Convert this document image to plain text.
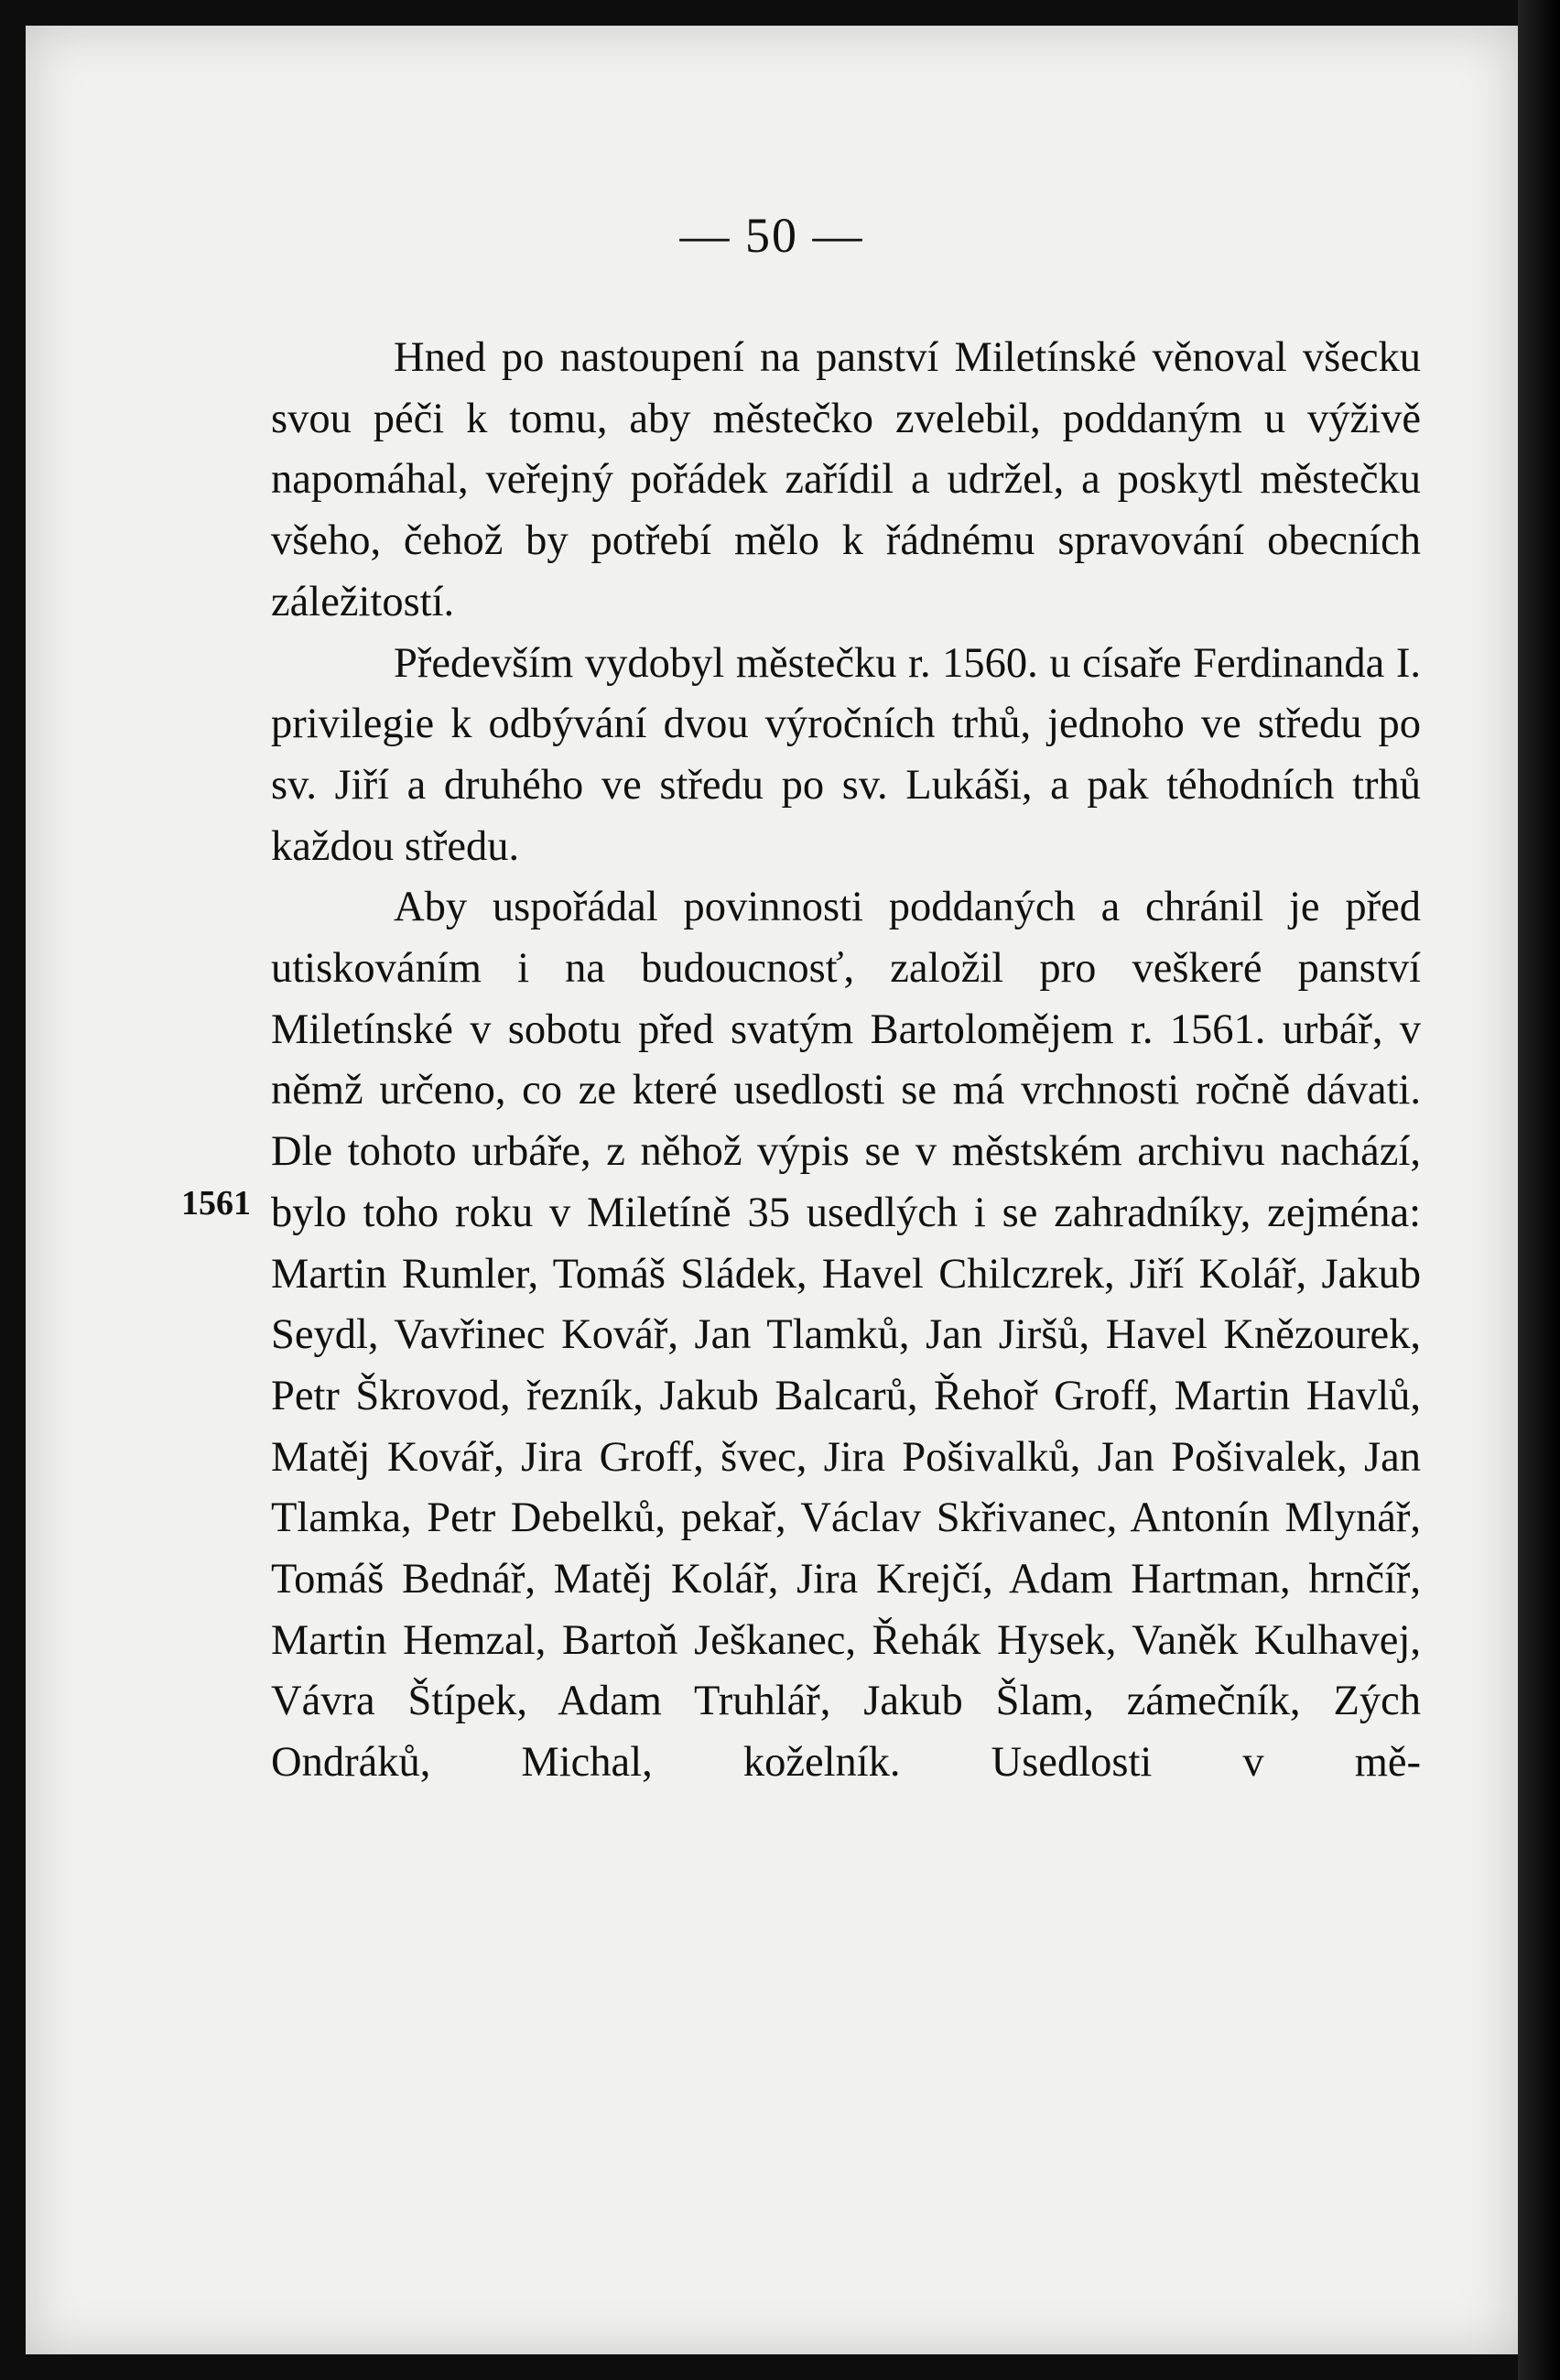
— 50 —
1561

Hned po nastoupení na panství Miletínské věnoval všecku svou péči k tomu, aby městečko zvelebil, poddaným u výživě napomáhal, veřejný pořádek zařídil a udržel, a poskytl městečku všeho, čehož by potřebí mělo k řádnému spravování obecních záležitostí.

Především vydobyl městečku r. 1560. u císaře Ferdinanda I. privilegie k odbývání dvou výročních trhů, jednoho ve středu po sv. Jiří a druhého ve středu po sv. Lukáši, a pak téhodních trhů každou středu.

Aby uspořádal povinnosti poddaných a chránil je před utiskováním i na budoucnosť, založil pro veškeré panství Miletínské v sobotu před svatým Bartolomějem r. 1561. urbář, v němž určeno, co ze které usedlosti se má vrchnosti ročně dávati. Dle tohoto urbáře, z něhož výpis se v městském archivu nachází, bylo toho roku v Miletíně 35 usedlých i se zahradníky, zejména: Martin Rumler, Tomáš Sládek, Havel Chilczrek, Jiří Kolář, Jakub Seydl, Vavřinec Kovář, Jan Tlamků, Jan Jiršů, Havel Knězourek, Petr Škrovod, řezník, Jakub Balcarů, Řehoř Groff, Martin Havlů, Matěj Kovář, Jira Groff, švec, Jira Pošivalků, Jan Pošivalek, Jan Tlamka, Petr Debelků, pekař, Václav Skřivanec, Antonín Mlynář, Tomáš Bednář, Matěj Kolář, Jira Krejčí, Adam Hartman, hrnčíř, Martin Hemzal, Bartoň Ješkanec, Řehák Hysek, Vaněk Kulhavej, Vávra Štípek, Adam Truhlář, Jakub Šlam, zámečník, Zých Ondráků, Michal, koželník. Usedlosti v mě-
